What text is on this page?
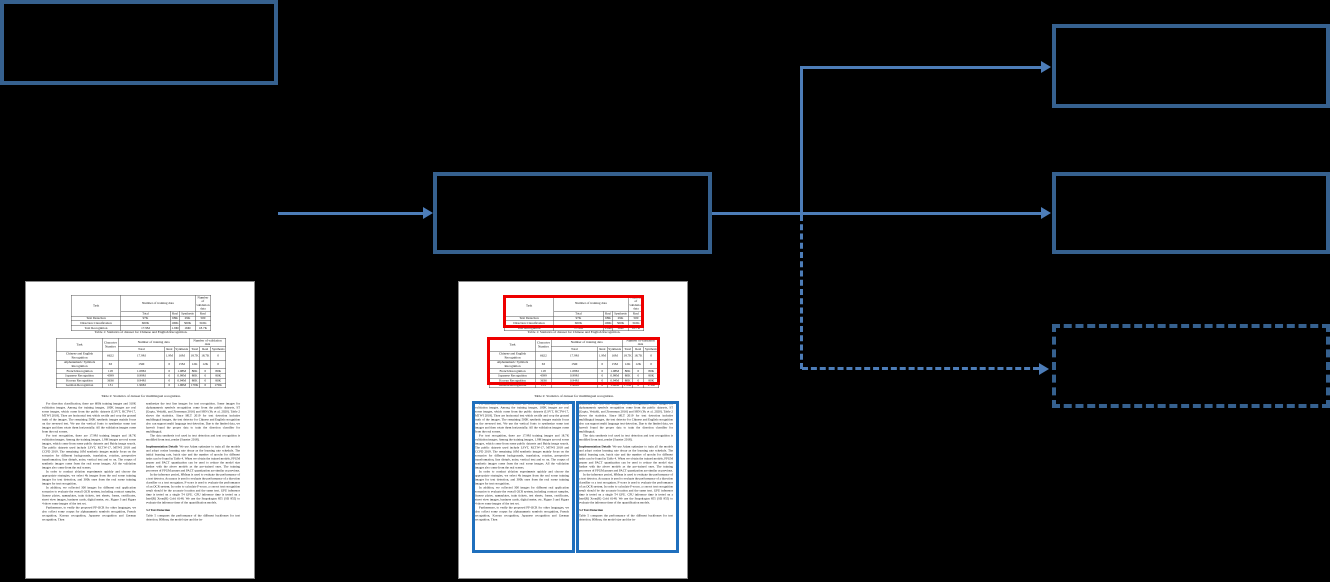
Task	Number of training data			Number of validation data
	Total	Real	Synthesis	Real
Text Detection	97K	68K	29K	500
Direction Classification	600K	100K	500K	310K
Text Recognition	17.9M	1.9M	16M	18.7K
Table 1: Statistics of dataset for Chinese and English Recognition.
Task	Character Number	Number of training data			Number of validation data		
		Total	Real	Synthesis	Total	Real	Synthesis
Chinese and English Recognition	6622	17.9M	1.9M	16M	18.7K	18.7K	0
Alphanumeric Symbols Recognition	63	15M	0	15M	12K	12K	0
French Recognition	118	1.08M	0	1.08M	80K	0	80K
Japanese Recognition	4399	0.99M	0	0.99M	80K	0	80K
Korean Recognition	3636	0.94M	0	0.94M	80K	0	80K
German Recognition	131	1.96M	0	1.96M	170K	0	170K
Table 2: Statistics of dataset for multilingual recognition.

For direction classification, there are 600k training images and 310K validation images. Among the training images, 100K images are real scene images, which come from the public datasets (LSVT, RCTW-17, MTWI 2018). They are horizontal text which rectify and crop the ground truth of the images. The remaining 500K synthetic images mainly focus on the reversed test. We use the vertical fonts to synthesize some text images and then rotate them horizontally. All the validation images come from the real scenes.

For text recognition, there are 17.9M training images and 18.7K validation images. Among the training images, 1.9M images are real scene images, which come from some public datasets and Baidu image search. The public datasets used include LSVT, RCTW-17, MTWI 2018 and CCPD 2019. The remaining 16M synthetic images mainly focus on the scenarios for different backgrounds, translation, rotation, perspective transformation, line disturb, noise, vertical text and so on. The corpus of synthetic images come from the real scene images. All the validation images also come from the real scenes.

In order to conduct ablation experiments quickly and choose the appropriate strategies, we select 4k images from the real scene training images for text detection, and 300k ones from the real scene training images for text recognition.

In addition, we collected 300 images for different real application scenarios to evaluate the overall OCR system, including contract samples, license plates, nameplates, train tickets, test sheets, forms, certificates, street view images, business cards, digital meter, etc. Figure 3 and Figure 4 show some images of the test set.

Furthermore, to verify the proposed PP-OCR for other languages, we also collect some corpus for alphanumeric symbols recognition, French recognition, Korean recognition, Japanese recognition and German recognition. Then

synthesize the text line images for text recognition. Some images for alphanumeric symbols recognition come from the public datasets, ST (Gupta, Vedaldi, and Zisserman 2016) and SRN (Yu et al. 2020). Table 2 shows the statistics. Since MLT 2019 for text detection includes multilingual images, the text detector for Chinese and English recognition also can support multi language text detection. Due to the limited data, we haven't found the proper data to train the direction classifier for multilingual.

The data synthesis tool used in text detection and text recognition is modified from text_render (Sanster 2018).

Implementation Details We use Adam optimizer to train all the models and adopt cosine learning rate decay as the learning rate schedule. The initial learning rate, batch size and the number of epochs for different tasks can be found in Table 4. When we obtain the trained models, FPGM pruner and PACT quantization can be used to reduce the model size further with the above models as the pre-trained ones. The training processes of FPGM pruner and PACT quantization are similar as previous.

In the inference period, HMean is used to evaluate the performance of a text detector. Accuracy is used to evaluate the performance of a direction classifier or a text recognizer. F-score is used to evaluate the performance of an OCR system. In order to calculate F-score, a correct text recognition result should be the accurate location and the same text. GPU inference time is tested on a single T4 GPU. CPU inference time is tested on a Intel(R) Xeon(R) Gold 6148. We use the Snapdragon 855 (SD 855) to evaluate the inference time of the quantification models.

3.2 Text Detection

Table 5 compares the performance of the different backbones for text detection. HMean, the model size and the in-

Task	Number of training data			Number of validation data
	Total	Real	Synthesis	Real
Text Detection	97K	68K	29K	500
Direction Classification	600K	100K	500K	310K
Text Recognition	17.9M	1.9M	16M	18.7K
Table 1: Statistics of dataset for Chinese and English Recognition.
Task	Character Number	Number of training data			Number of validation data		
		Total	Real	Synthesis	Total	Real	Synthesis
Chinese and English Recognition	6622	17.9M	1.9M	16M	18.7K	18.7K	0
Alphanumeric Symbols Recognition	63	15M	0	15M	12K	12K	0
French Recognition	118	1.08M	0	1.08M	80K	0	80K
Japanese Recognition	4399	0.99M	0	0.99M	80K	0	80K
Korean Recognition	3636	0.94M	0	0.94M	80K	0	80K
German Recognition	131	1.96M	0	1.96M	170K	0	170K
Table 2: Statistics of dataset for multilingual recognition.

For direction classification, there are 600k training images and 310K validation images. Among the training images, 100K images are real scene images, which come from the public datasets (LSVT, RCTW-17, MTWI 2018). They are horizontal text which rectify and crop the ground truth of the images. The remaining 500K synthetic images mainly focus on the reversed test. We use the vertical fonts to synthesize some text images and then rotate them horizontally. All the validation images come from the real scenes.

For text recognition, there are 17.9M training images and 18.7K validation images. Among the training images, 1.9M images are real scene images, which come from some public datasets and Baidu image search. The public datasets used include LSVT, RCTW-17, MTWI 2018 and CCPD 2019. The remaining 16M synthetic images mainly focus on the scenarios for different backgrounds, translation, rotation, perspective transformation, line disturb, noise, vertical text and so on. The corpus of synthetic images come from the real scene images. All the validation images also come from the real scenes.

In order to conduct ablation experiments quickly and choose the appropriate strategies, we select 4k images from the real scene training images for text detection, and 300k ones from the real scene training images for text recognition.

In addition, we collected 300 images for different real application scenarios to evaluate the overall OCR system, including contract samples, license plates, nameplates, train tickets, test sheets, forms, certificates, street view images, business cards, digital meter, etc. Figure 3 and Figure 4 show some images of the test set.

Furthermore, to verify the proposed PP-OCR for other languages, we also collect some corpus for alphanumeric symbols recognition, French recognition, Korean recognition, Japanese recognition and German recognition. Then

synthesize the text line images for text recognition. Some images for alphanumeric symbols recognition come from the public datasets, ST (Gupta, Vedaldi, and Zisserman 2016) and SRN (Yu et al. 2020). Table 2 shows the statistics. Since MLT 2019 for text detection includes multilingual images, the text detector for Chinese and English recognition also can support multi language text detection. Due to the limited data, we haven't found the proper data to train the direction classifier for multilingual.

The data synthesis tool used in text detection and text recognition is modified from text_render (Sanster 2018).

Implementation Details We use Adam optimizer to train all the models and adopt cosine learning rate decay as the learning rate schedule. The initial learning rate, batch size and the number of epochs for different tasks can be found in Table 4. When we obtain the trained models, FPGM pruner and PACT quantization can be used to reduce the model size further with the above models as the pre-trained ones. The training processes of FPGM pruner and PACT quantization are similar as previous.

In the inference period, HMean is used to evaluate the performance of a text detector. Accuracy is used to evaluate the performance of a direction classifier or a text recognizer. F-score is used to evaluate the performance of an OCR system. In order to calculate F-score, a correct text recognition result should be the accurate location and the same text. GPU inference time is tested on a single T4 GPU. CPU inference time is tested on a Intel(R) Xeon(R) Gold 6148. We use the Snapdragon 855 (SD 855) to evaluate the inference time of the quantification models.

3.2 Text Detection

Table 5 compares the performance of the different backbones for text detection. HMean, the model size and the in-
